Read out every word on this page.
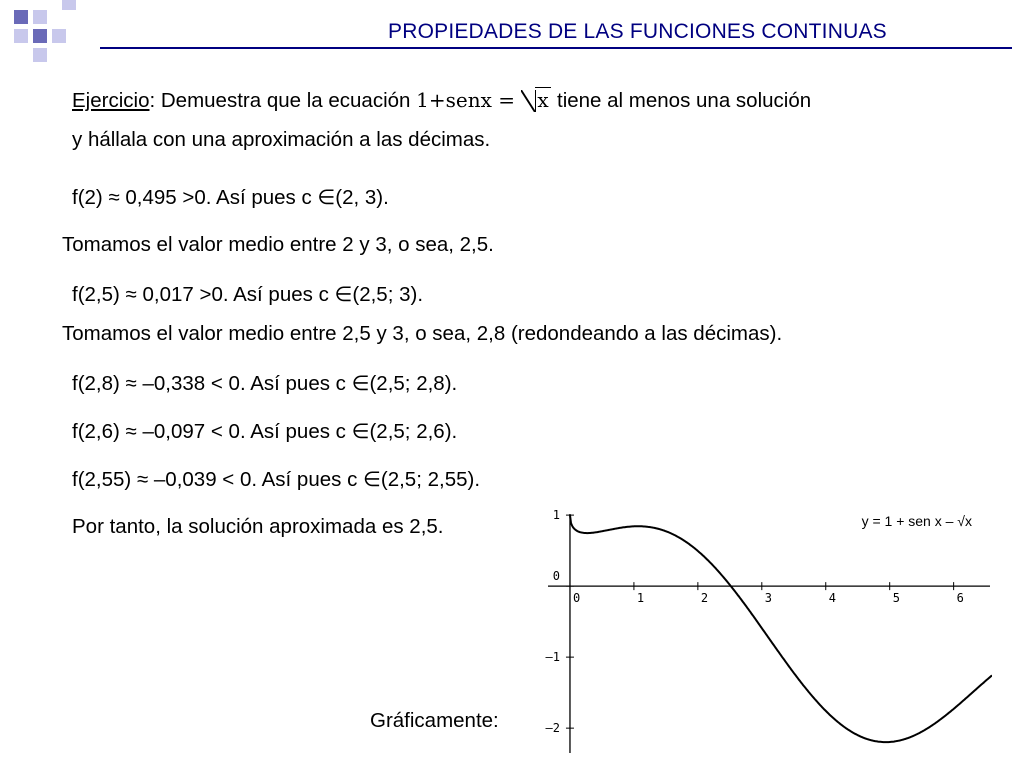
PROPIEDADES DE LAS FUNCIONES CONTINUAS
Ejercicio: Demuestra que la ecuación 1+senx = x tiene al menos una solución
y hállala con una aproximación a las décimas.
f(2) ≈ 0,495 >0. Así pues c ∈(2, 3).
Tomamos el valor medio entre 2 y 3, o sea, 2,5.
f(2,5) ≈ 0,017 >0. Así pues c ∈(2,5; 3).
Tomamos el valor medio entre 2,5 y 3, o sea, 2,8 (redondeando a las décimas).
f(2,8) ≈ –0,338 < 0. Así pues c ∈(2,5; 2,8).
f(2,6) ≈ –0,097 < 0. Así pues c ∈(2,5; 2,6).
f(2,55) ≈ –0,039 < 0. Así pues c ∈(2,5; 2,55).
Por tanto, la solución aproximada es 2,5.
Gráficamente:
0	1	2	3	4	5	6
1
0
–1
–2
y = 1 + sen x – √x
